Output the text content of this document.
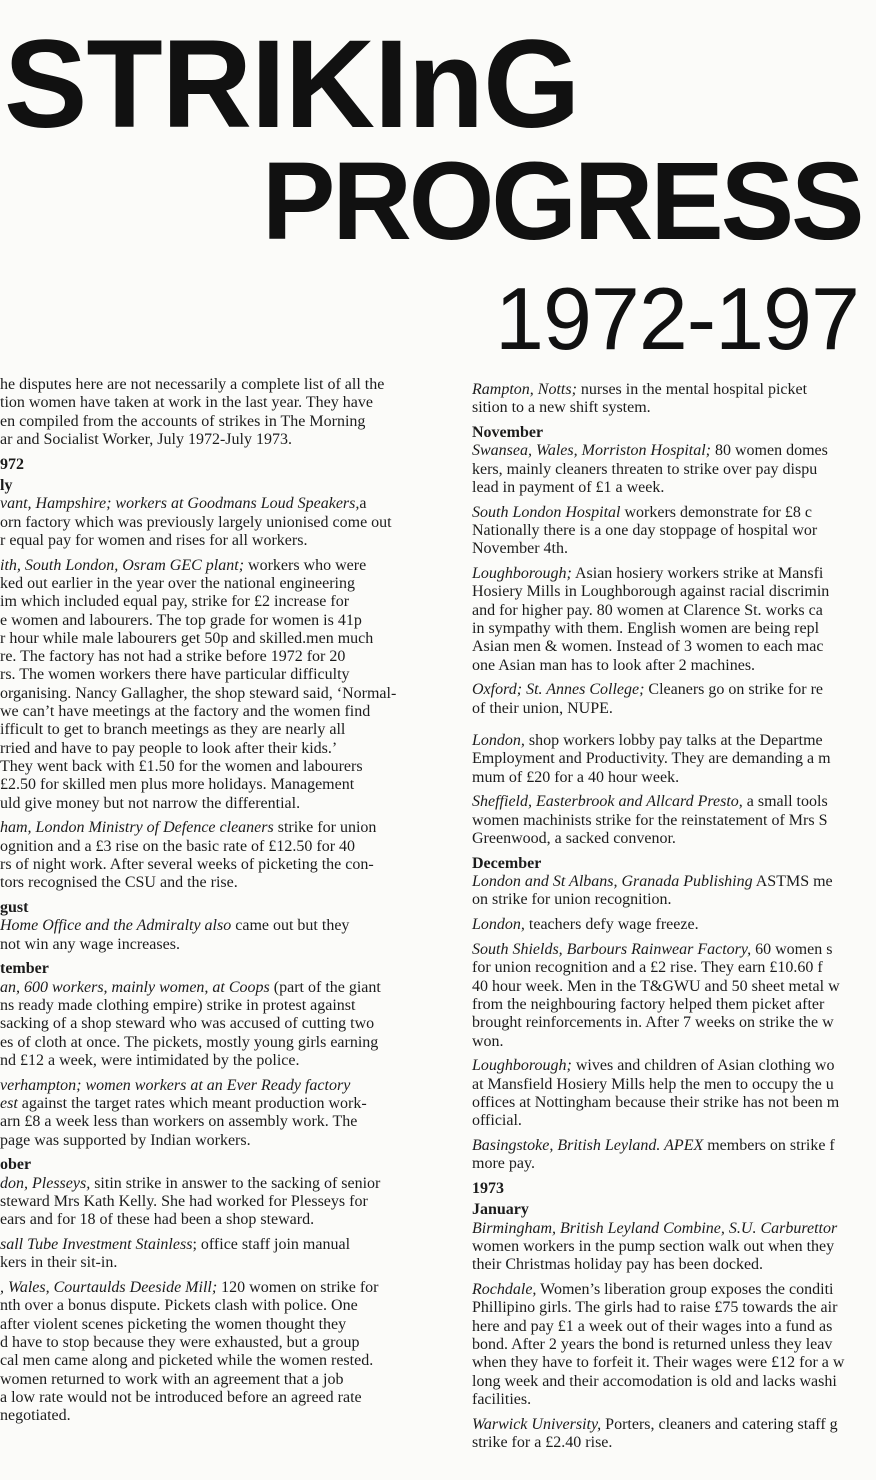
STRIKInG
PROGRESS
1972-197
he disputes here are not necessarily a complete list of all the
tion women have taken at work in the last year. They have
en compiled from the accounts of strikes in The Morning
ar and Socialist Worker, July 1972-July 1973.
972
ly
vant, Hampshire; workers at Goodmans Loud Speakers,a
orn factory which was previously largely unionised come out
r equal pay for women and rises for all workers.
ith, South London, Osram GEC plant; workers who were
ked out earlier in the year over the national engineering
im which included equal pay, strike for £2 increase for
e women and labourers. The top grade for women is 41p
r hour while male labourers get 50p and skilled.men much
re. The factory has not had a strike before 1972 for 20
rs. The women workers there have particular difficulty
organising. Nancy Gallagher, the shop steward said, ‘Normal-
we can’t have meetings at the factory and the women find
ifficult to get to branch meetings as they are nearly all
rried and have to pay people to look after their kids.’
They went back with £1.50 for the women and labourers
£2.50 for skilled men plus more holidays. Management
uld give money but not narrow the differential.
ham, London Ministry of Defence cleaners strike for union
ognition and a £3 rise on the basic rate of £12.50 for 40
rs of night work. After several weeks of picketing the con-
tors recognised the CSU and the rise.
gust
Home Office and the Admiralty also came out but they
not win any wage increases.
tember
an, 600 workers, mainly women, at Coops (part of the giant
ns ready made clothing empire) strike in protest against
sacking of a shop steward who was accused of cutting two
es of cloth at once. The pickets, mostly young girls earning
nd £12 a week, were intimidated by the police.
verhampton; women workers at an Ever Ready factory
est against the target rates which meant production work-
arn £8 a week less than workers on assembly work. The
page was supported by Indian workers.
ober
don, Plesseys, sitin strike in answer to the sacking of senior
steward Mrs Kath Kelly. She had worked for Plesseys for
ears and for 18 of these had been a shop steward.
sall Tube Investment Stainless; office staff join manual
kers in their sit-in.
, Wales, Courtaulds Deeside Mill; 120 women on strike for
nth over a bonus dispute. Pickets clash with police. One
after violent scenes picketing the women thought they
d have to stop because they were exhausted, but a group
cal men came along and picketed while the women rested.
women returned to work with an agreement that a job
a low rate would not be introduced before an agreed rate
negotiated.
Rampton, Notts; nurses in the mental hospital picket
sition to a new shift system.
November
Swansea, Wales, Morriston Hospital; 80 women domes
kers, mainly cleaners threaten to strike over pay dispu
lead in payment of £1 a week.
South London Hospital workers demonstrate for £8 c
Nationally there is a one day stoppage of hospital wor
November 4th.
Loughborough; Asian hosiery workers strike at Mansfi
Hosiery Mills in Loughborough against racial discrimin
and for higher pay. 80 women at Clarence St. works ca
in sympathy with them. English women are being repl
Asian men & women. Instead of 3 women to each mac
one Asian man has to look after 2 machines.
Oxford; St. Annes College; Cleaners go on strike for re
of their union, NUPE.
London, shop workers lobby pay talks at the Departme
Employment and Productivity. They are demanding a m
mum of £20 for a 40 hour week.
Sheffield, Easterbrook and Allcard Presto, a small tools
women machinists strike for the reinstatement of Mrs S
Greenwood, a sacked convenor.
December
London and St Albans, Granada Publishing ASTMS me
on strike for union recognition.
London, teachers defy wage freeze.
South Shields, Barbours Rainwear Factory, 60 women s
for union recognition and a £2 rise. They earn £10.60 f
40 hour week. Men in the T&GWU and 50 sheet metal w
from the neighbouring factory helped them picket after
brought reinforcements in. After 7 weeks on strike the w
won.
Loughborough; wives and children of Asian clothing wo
at Mansfield Hosiery Mills help the men to occupy the u
offices at Nottingham because their strike has not been m
official.
Basingstoke, British Leyland. APEX members on strike f
more pay.
1973
January
Birmingham, British Leyland Combine, S.U. Carburettor
women workers in the pump section walk out when they
their Christmas holiday pay has been docked.
Rochdale, Women’s liberation group exposes the conditi
Phillipino girls. The girls had to raise £75 towards the air
here and pay £1 a week out of their wages into a fund as
bond. After 2 years the bond is returned unless they leav
when they have to forfeit it. Their wages were £12 for a w
long week and their accomodation is old and lacks washi
facilities.
Warwick University, Porters, cleaners and catering staff g
strike for a £2.40 rise.
